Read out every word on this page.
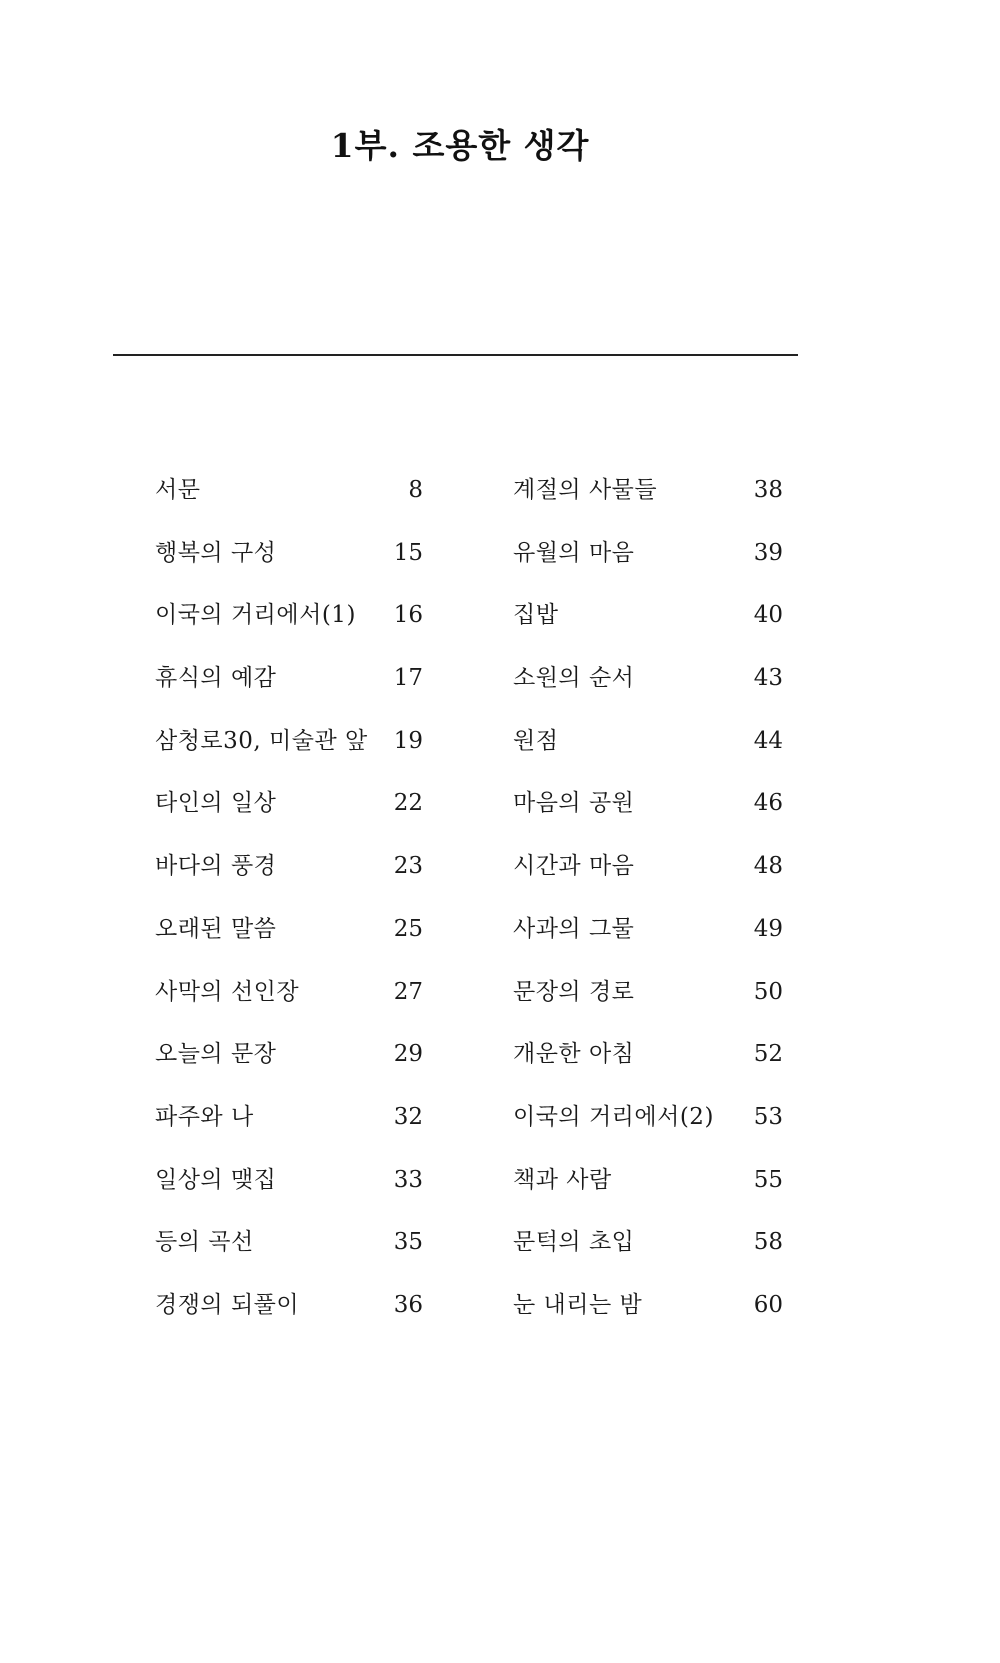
1부. 조용한 생각
서문	8
행복의 구성	15
이국의 거리에서(1) 16
휴식의 예감	17
삼청로30, 미술관 앞 19
타인의 일상	22
바다의 풍경	23
오래된 말씀	25
사막의 선인장	27
오늘의 문장	29
파주와 나	32
일상의 맺집	33
등의 곡선	35
경쟁의 되풀이	36
계절의 사물들	38
유월의 마음	39
집밥	40
소원의 순서	43
원점	44
마음의 공원	46
시간과 마음	48
사과의 그물	49
문장의 경로	50
개운한 아침	52
이국의 거리에서(2) 53
책과 사람	55
문턱의 초입	58
눈 내리는 밤	60
